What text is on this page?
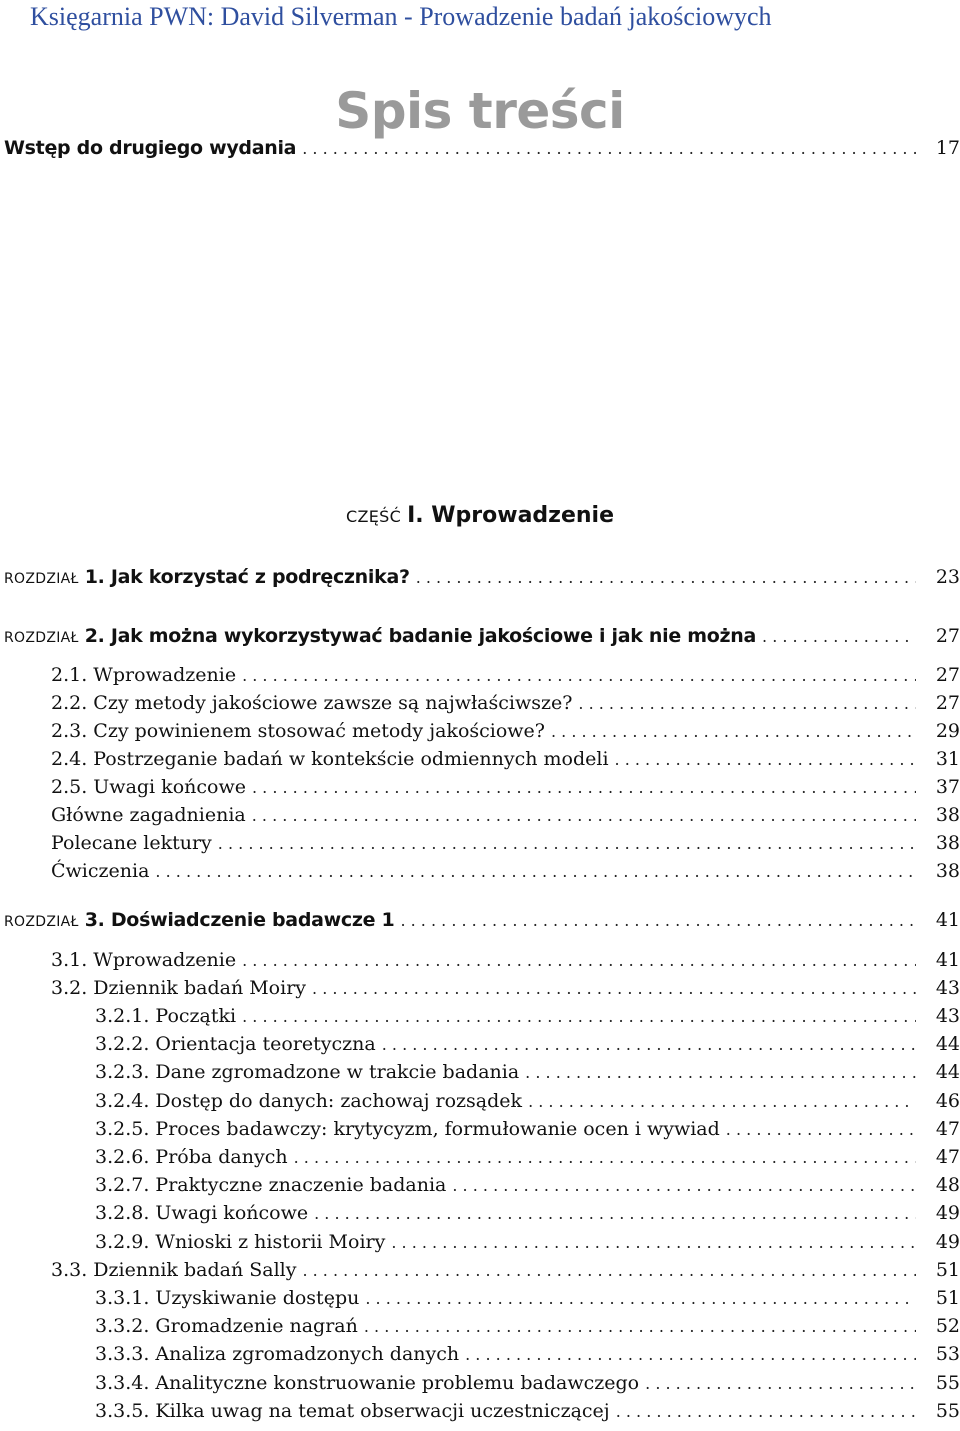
Księgarnia PWN: David Silverman - Prowadzenie badań jakościowych
Spis treści
Wstęp do drugiego wydania . . .	17
CZĘŚĆ I. Wprowadzenie
ROZDZIAŁ 1. Jak korzystać z podręcznika? . . .	23
ROZDZIAŁ 2. Jak można wykorzystywać badanie jakościowe i jak nie można . . .	27
2.1. Wprowadzenie . . .	27
2.2. Czy metody jakościowe zawsze są najwłaściwsze? . . .	27
2.3. Czy powinienem stosować metody jakościowe? . . .	29
2.4. Postrzeganie badań w kontekście odmiennych modeli . . .	31
2.5. Uwagi końcowe . . .	37
Główne zagadnienia . . .	38
Polecane lektury . . .	38
Ćwiczenia . . .	38
ROZDZIAŁ 3. Doświadczenie badawcze 1 . . .	41
3.1. Wprowadzenie . . .	41
3.2. Dziennik badań Moiry . . .	43
3.2.1. Początki . . .	43
3.2.2. Orientacja teoretyczna . . .	44
3.2.3. Dane zgromadzone w trakcie badania . . .	44
3.2.4. Dostęp do danych: zachowaj rozsądek . . .	46
3.2.5. Proces badawczy: krytycyzm, formułowanie ocen i wywiad . . .	47
3.2.6. Próba danych . . .	47
3.2.7. Praktyczne znaczenie badania . . .	48
3.2.8. Uwagi końcowe . . .	49
3.2.9. Wnioski z historii Moiry . . .	49
3.3. Dziennik badań Sally . . .	51
3.3.1. Uzyskiwanie dostępu . . .	51
3.3.2. Gromadzenie nagrań . . .	52
3.3.3. Analiza zgromadzonych danych . . .	53
3.3.4. Analityczne konstruowanie problemu badawczego . . .	55
3.3.5. Kilka uwag na temat obserwacji uczestniczącej . . .	55
